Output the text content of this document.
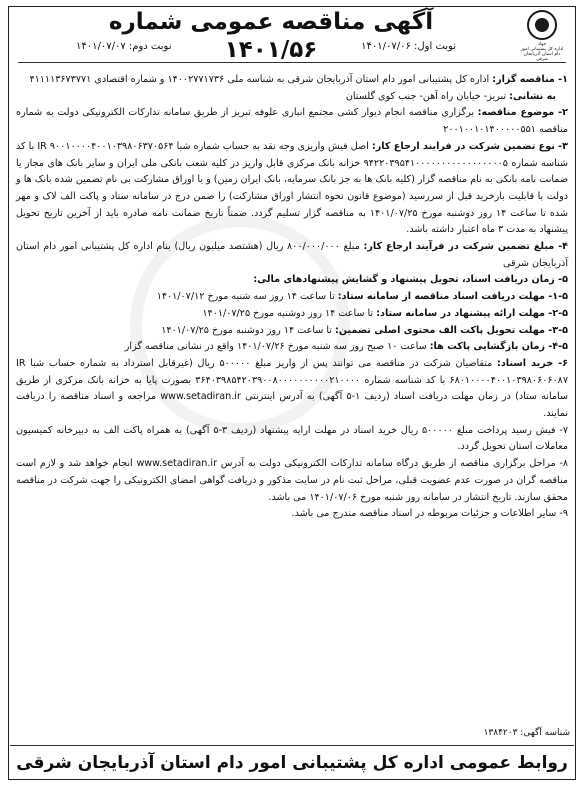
جهاد
اداره کل پشتیبانی امور دام استان آذربایجان شرقی
آگهی مناقصه عمومی شماره ۱۴۰۱/۵۶	نوبت اول: ۱۴۰۱/۰۷/۰۶
نوبت دوم: ۱۴۰۱/۰۷/۰۷

۱- مناقصه گزار: اداره کل پشتیبانی امور دام استان آذربایجان شرقی به شناسه ملی ۱۴۰۰۲۷۷۱۷۳۶ و شماره اقتصادی ۴۱۱۱۱۳۶۷۳۷۷۱

به نشانی: تبریز- خیابان راه آهن- جنب کوی گلستان

۲- موضوع مناقصه: برگزاری مناقصه انجام دیوار کشی مجتمع انباری علوفه تبریز از طریق سامانه تدارکات الکترونیکی دولت به شماره مناقصه ۲۰۰۱۰۰۱۰۱۴۰۰۰۰۰۵۵۱

۳- نوع تضمین شرکت در فرایند ارجاع کار: اصل فیش واریزی وجه نقد به حساب شماره شبا IR ۹۰۰۱۰۰۰۰۴۰۰۱۰۳۹۸۰۶۳۷۰۵۶۴ با کد شناسه شماره ۹۴۲۲۰۳۹۵۴۱۰۰۰۰۰۰۰۰۰۰۰۰۰۰۰۰۰۵ خزانه بانک مرکزی قابل واریز در کلیه شعب بانکی ملی ایران و سایر بانک های مجاز یا ضمانت نامه بانکی به نام مناقصه گزار (کلیه بانک ها به جز بانک سرمایه، بانک ایران زمین) و یا اوراق مشارکت بی نام تضمین شده بانک ها و دولت با قابلیت بازخرید قبل از سررسید (موضوع قانون نحوه انتشار اوراق مشارکت) را ضمن درج در سامانه ستاد و پاکت الف لاک و مهر شده تا ساعت ۱۴ روز دوشنبه مورخ ۱۴۰۱/۰۷/۲۵ به مناقصه گزار تسلیم گردد. ضمناً تاریخ ضمانت نامه صادره باید از آخرین تاریخ تحویل پیشنهاد به مدت ۳ ماه اعتبار داشته باشد.

۴- مبلغ تضمین شرکت در فرآیند ارجاع کار: مبلغ ۸۰۰/۰۰۰/۰۰۰ ریال (هشتصد میلیون ریال) بنام اداره کل پشتیبانی امور دام استان آذربایجان شرقی

۵- زمان دریافت اسناد، تحویل پیشنهاد و گشایش پیشنهادهای مالی:

۱-۵- مهلت دریافت اسناد مناقصه از سامانه ستاد: تا ساعت ۱۴ روز سه شنبه مورخ ۱۴۰۱/۰۷/۱۲

۲-۵- مهلت ارائه پیشنهاد در سامانه ستاد: تا ساعت ۱۴ روز دوشنبه مورخ ۱۴۰۱/۰۷/۲۵

۳-۵- مهلت تحویل پاکت الف محتوی اصلی تضمین: تا ساعت ۱۴ روز دوشنبه مورخ ۱۴۰۱/۰۷/۲۵

۴-۵- زمان بازگشایی پاکت ها: ساعت ۱۰ صبح روز سه شنبه مورخ ۱۴۰۱/۰۷/۲۶ واقع در نشانی مناقصه گزار

۶- خرید اسناد: متقاضیان شرکت در مناقصه می توانند پس از واریز مبلغ ۵۰۰۰۰۰ ریال (غیرقابل استرداد به شماره حساب شبا IR ۶۸۰۱۰۰۰۰۴۰۰۱۰۳۹۸۰۶۰۶۰۸۷ با کد شناسه شماره ۳۶۴۰۳۹۸۵۴۲۰۳۹۰۰۸۰۰۰۰۰۰۰۰۰۰۲۱۰۰۰۰ بصورت پایا به خزانه بانک مرکزی از طریق سامانه ستاد) در زمان مهلت دریافت اسناد (ردیف ۱-۵ آگهی) به آدرس اینترنتی www.setadiran.ir مراجعه و اسناد مناقصه را دریافت نمایند.

۷- فیش رسید پرداخت مبلغ ۵۰۰۰۰۰ ریال خرید اسناد در مهلت ارایه پیشنهاد (ردیف ۳-۵ آگهی) به همراه پاکت الف به دبیرخانه کمیسیون معاملات استان تحویل گردد.

۸- مراحل برگزاری مناقصه از طریق درگاه سامانه تدارکات الکترونیکی دولت به آدرس www.setadiran.ir انجام خواهد شد و لازم است مناقصه گران در صورت عدم عضویت قبلی، مراحل ثبت نام در سایت مذکور و دریافت گواهی امضای الکترونیکی را جهت شرکت در مناقصه محقق سازند. تاریخ انتشار در سامانه روز شنبه مورخ ۱۴۰۱/۰۷/۰۶ می باشد.

۹- سایر اطلاعات و جزئیات مربوطه در اسناد مناقصه مندرج می باشد.

شناسه آگهی: ۱۳۸۴۲۰۳
روابط عمومی اداره کل پشتیبانی امور دام استان آذربایجان شرقی
